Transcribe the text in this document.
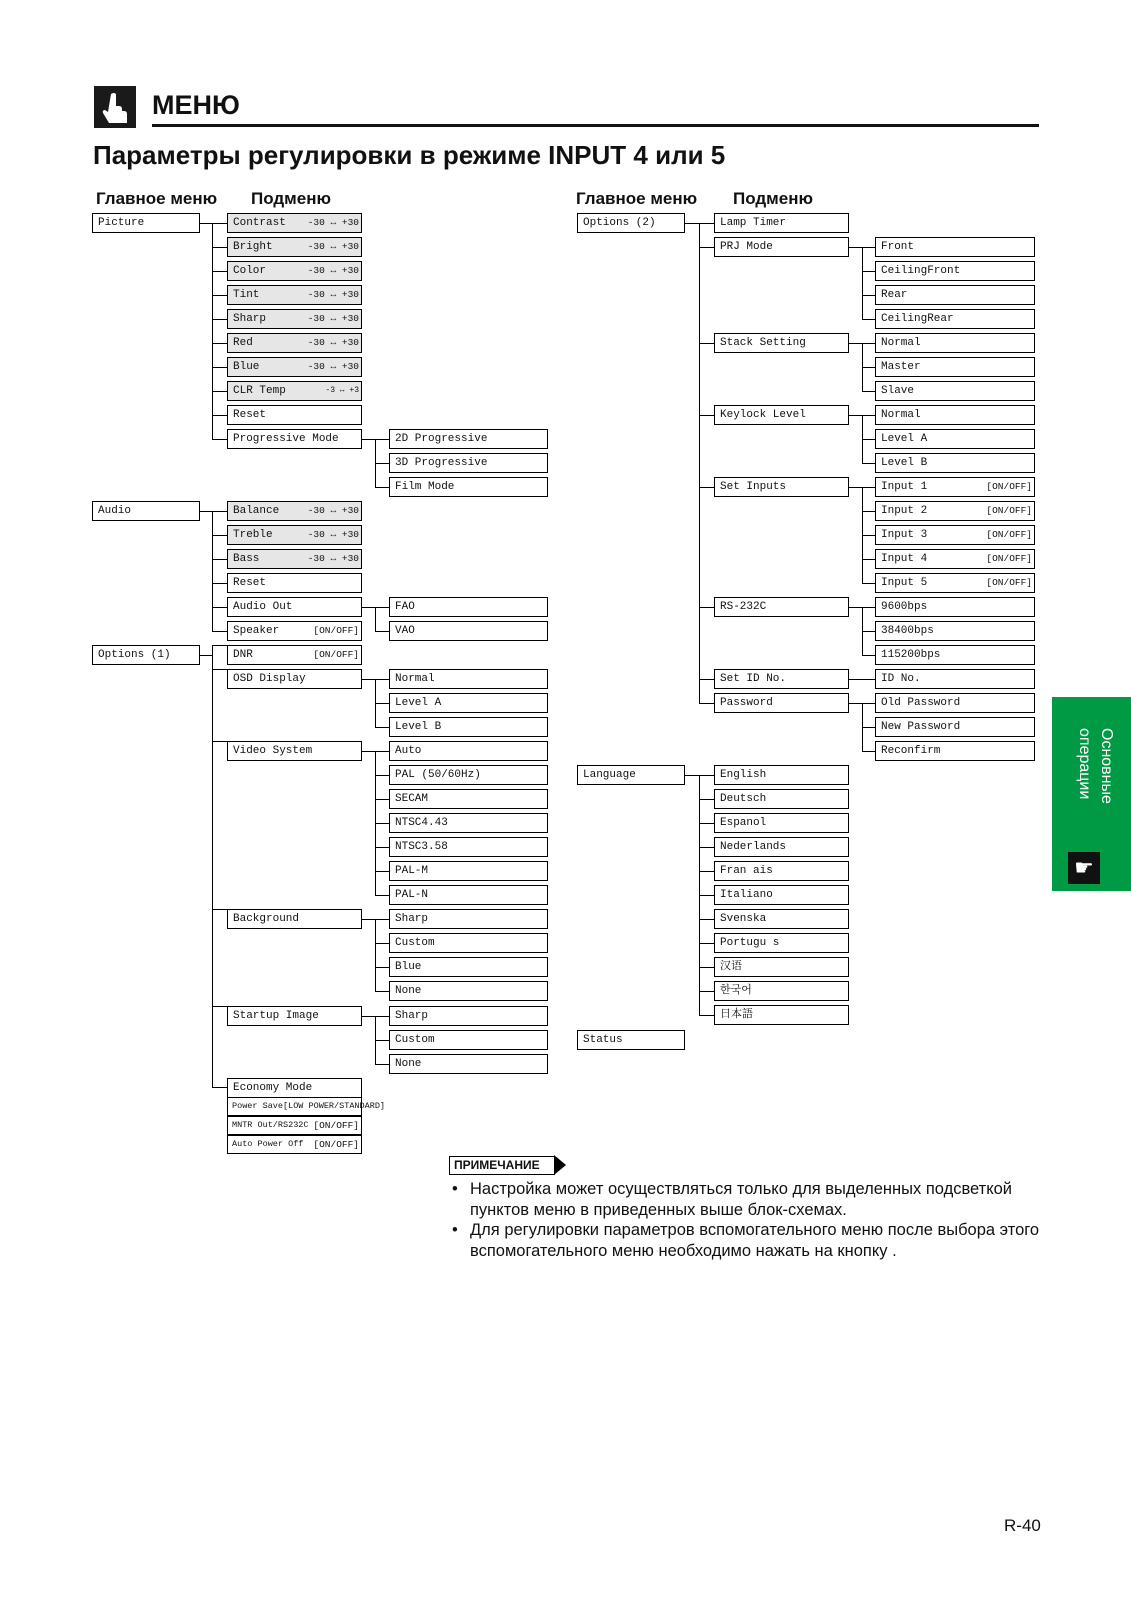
МЕНЮ
Параметры регулировки в режиме INPUT 4 или 5
Главное меню Подменю	Главное меню Подменю
Picture	Contrast -30 ↔ +30
Bright	-30 ↔ +30
Color	-30 ↔ +30
Tint	-30 ↔ +30
Sharp	-30 ↔ +30
Red	-30 ↔ +30
Blue	-30 ↔ +30
CLR Temp	-3 ↔ +3
Reset
Progressive Mode	2D Progressive
3D Progressive
Film Mode
Audio	Balance	-30 ↔ +30
Treble	-30 ↔ +30
Bass	-30 ↔ +30
Reset
Audio Out
Speaker	[ON/OFF]
FAO
VAO
Options (1)	DNR	[ON/OFF]
OSD Display	Normal
Level A
Level B
Video System	Auto
PAL (50/60Hz)
SECAM
NTSC4.43
NTSC3.58
PAL-M
PAL-N
Background	Sharp
Custom
Blue
None
Startup Image	Sharp
Custom
None
Economy Mode
Power Save[LOW POWER/STANDARD]
MNTR Out/RS232C [ON/OFF]
Auto Power Off [ON/OFF]
Options (2)	Lamp Timer
PRJ Mode	Front
CeilingFront
Rear
CeilingRear
Stack Setting	Normal
Master
Slave
Keylock Level	Normal
Level A
Level B
Set Inputs	Input 1	[ON/OFF]
Input 2	[ON/OFF]
Input 3	[ON/OFF]
Input 4	[ON/OFF]
Input 5	[ON/OFF]
RS-232C	9600bps
38400bps
115200bps
Set ID No.	ID No.
Password	Old Password
New Password
Reconfirm
Language	English
Deutsch
Espanol
Nederlands
Fran ais
Italiano
Svenska
Portugu s
汉语
한국어
日本語
Status
Основные операции
☛
ПРИМЕЧАНИЕ
• Настройка может осуществляться только для выделенных подсветкой пунктов меню в приведенных выше блок-схемах.
• Для регулировки параметров вспомогательного меню после выбора этого вспомогательного меню необходимо нажать на кнопку .
R-40
